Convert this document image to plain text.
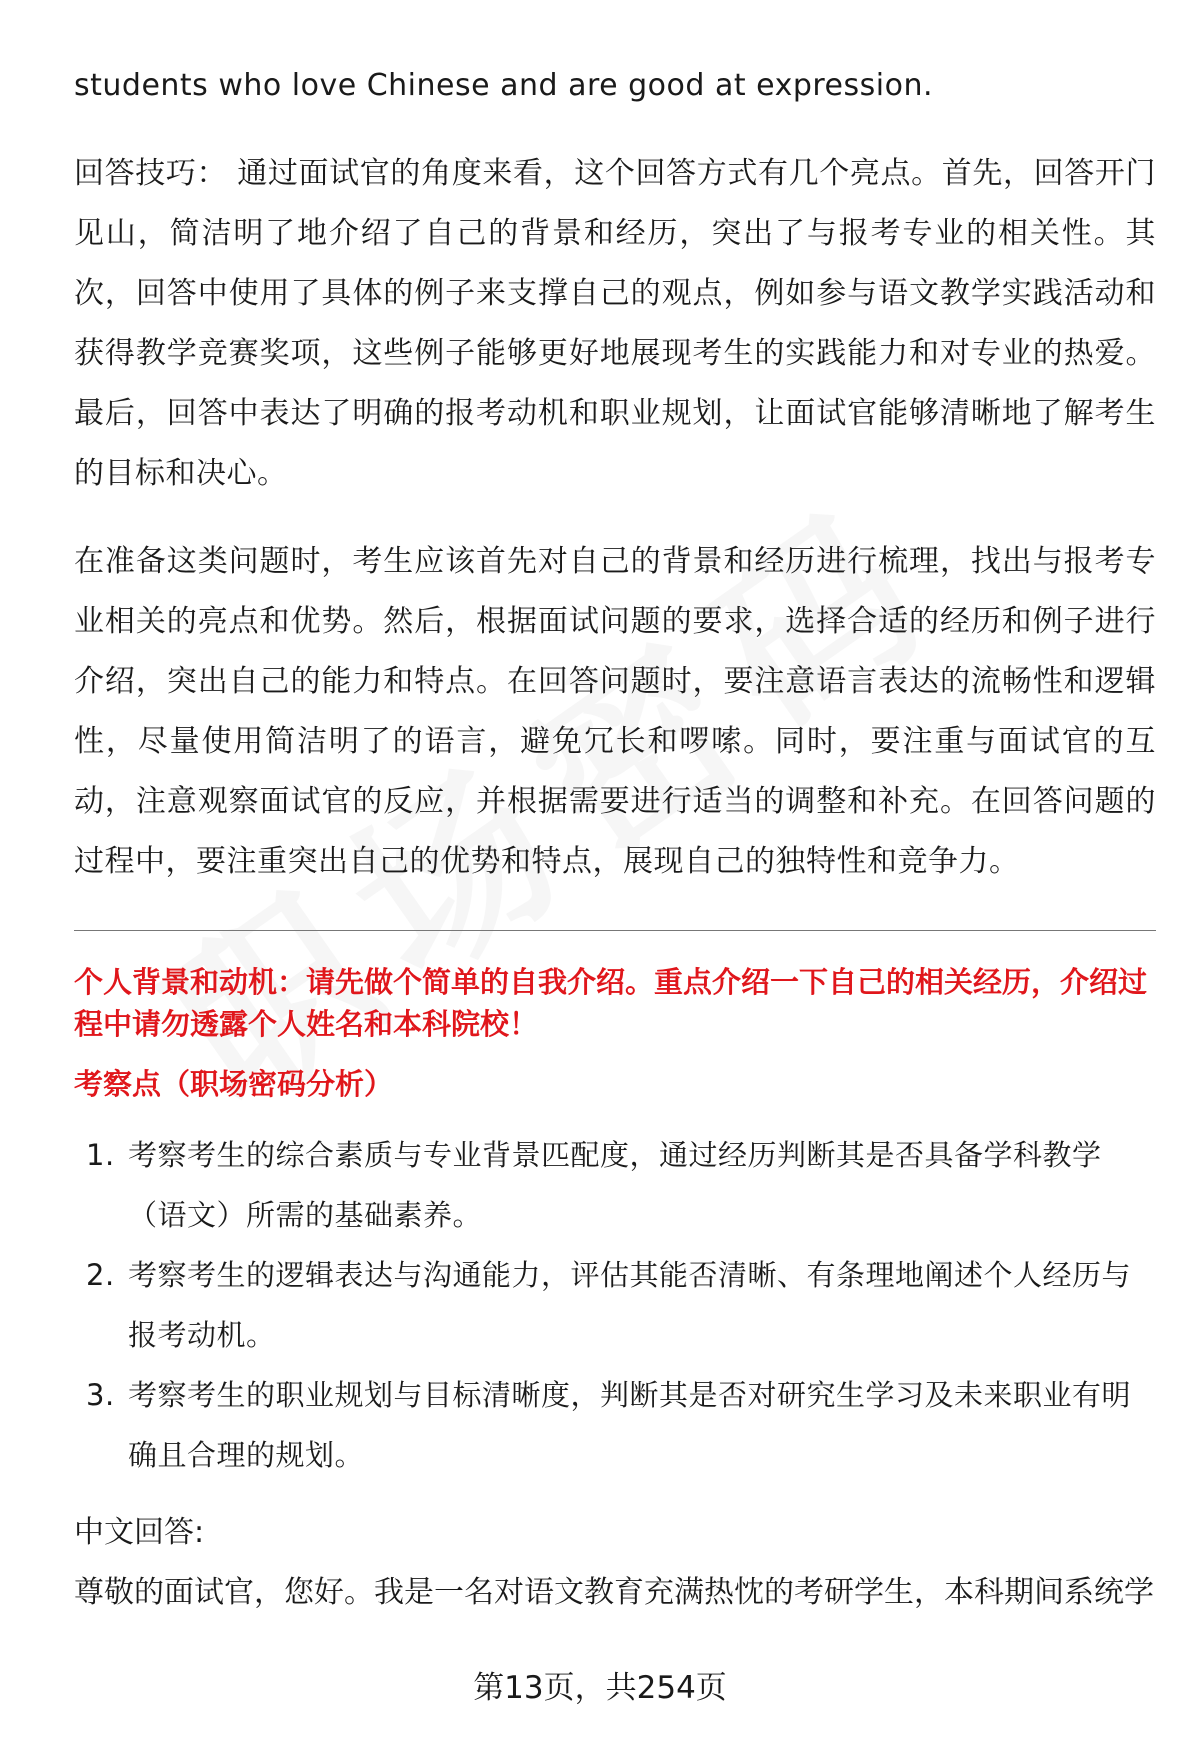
students who love Chinese and are good at expression.

回答技巧： 通过面试官的角度来看，这个回答方式有几个亮点。首先，回答开门见山，简洁明了地介绍了自己的背景和经历，突出了与报考专业的相关性。其次，回答中使用了具体的例子来支撑自己的观点，例如参与语文教学实践活动和获得教学竞赛奖项，这些例子能够更好地展现考生的实践能力和对专业的热爱。最后，回答中表达了明确的报考动机和职业规划，让面试官能够清晰地了解考生的目标和决心。

在准备这类问题时，考生应该首先对自己的背景和经历进行梳理，找出与报考专业相关的亮点和优势。然后，根据面试问题的要求，选择合适的经历和例子进行介绍，突出自己的能力和特点。在回答问题时，要注意语言表达的流畅性和逻辑性，尽量使用简洁明了的语言，避免冗长和啰嗦。同时，要注重与面试官的互动，注意观察面试官的反应，并根据需要进行适当的调整和补充。在回答问题的过程中，要注重突出自己的优势和特点，展现自己的独特性和竞争力。

个人背景和动机：请先做个简单的自我介绍。重点介绍一下自己的相关经历，介绍过程中请勿透露个人姓名和本科院校！

考察点（职场密码分析）

1. 考察考生的综合素质与专业背景匹配度，通过经历判断其是否具备学科教学（语文）所需的基础素养。
2. 考察考生的逻辑表达与沟通能力，评估其能否清晰、有条理地阐述个人经历与报考动机。
3. 考察考生的职业规划与目标清晰度，判断其是否对研究生学习及未来职业有明确且合理的规划。

中文回答:

尊敬的面试官，您好。我是一名对语文教育充满热忱的考研学生，本科期间系统学

第13页，共254页
